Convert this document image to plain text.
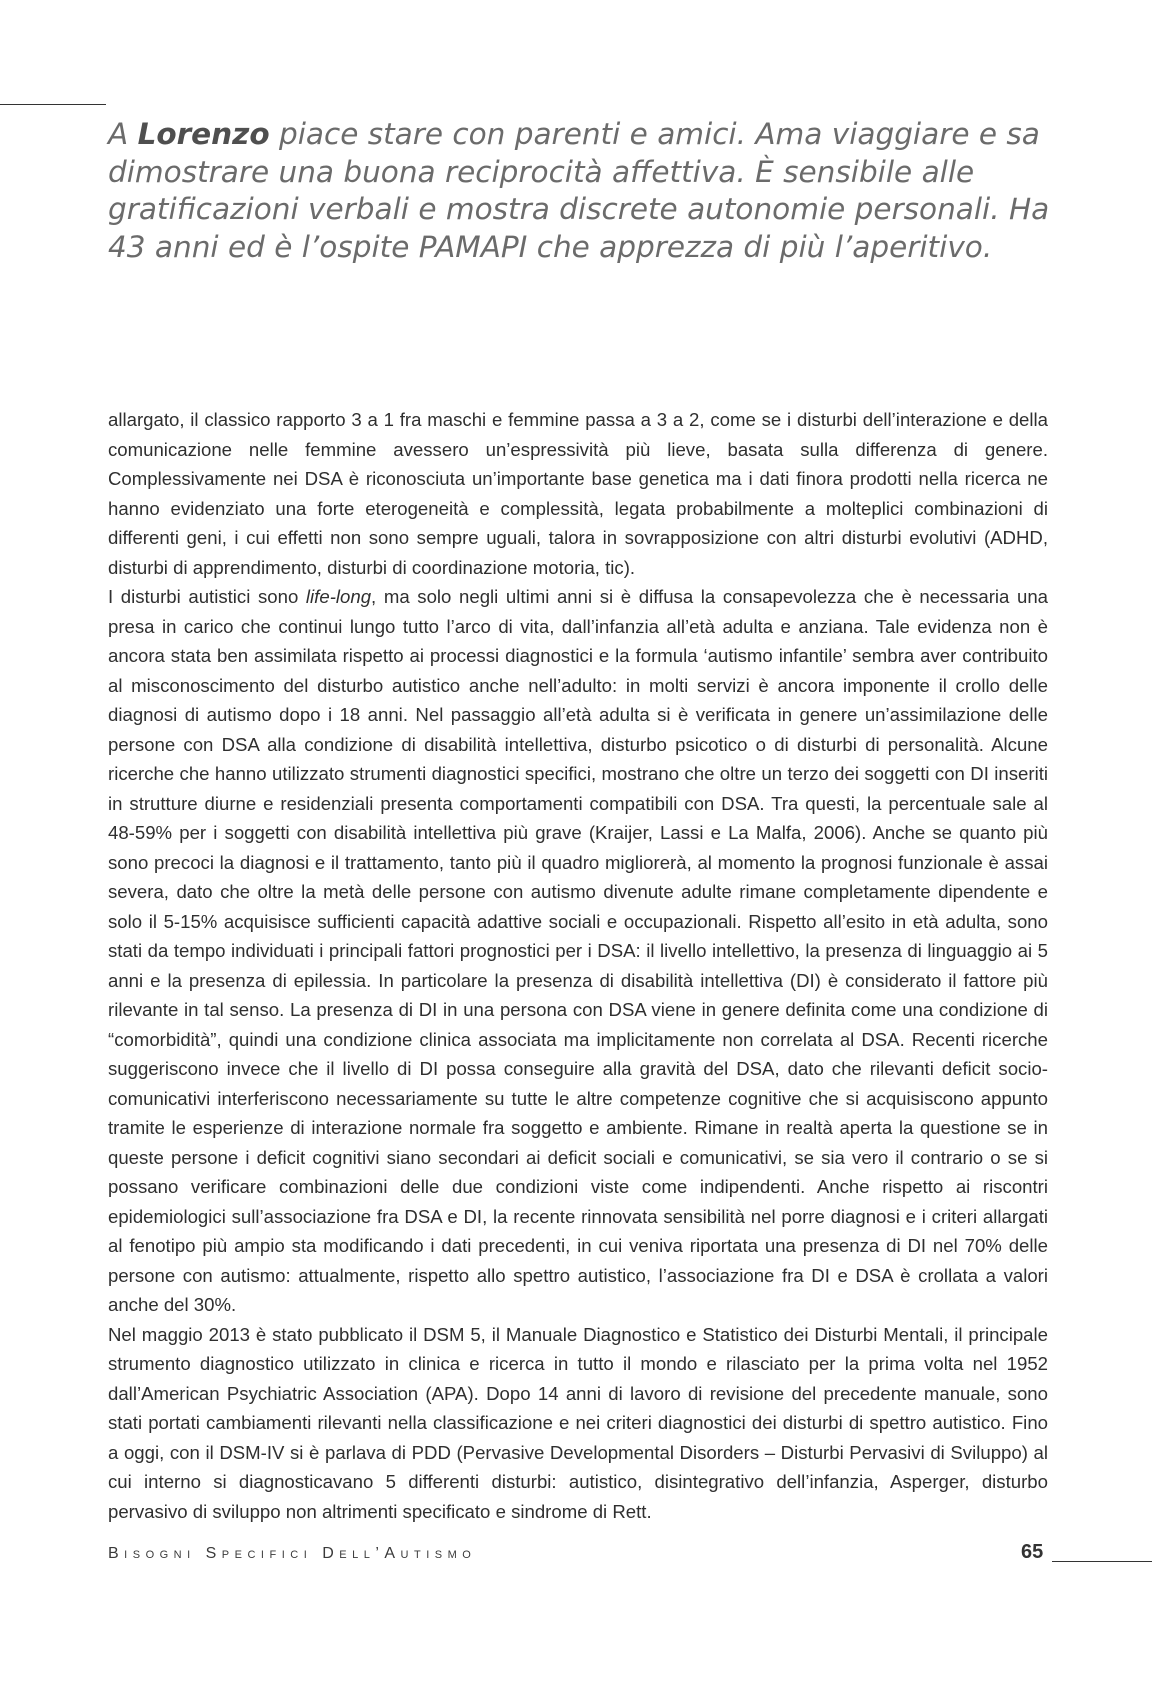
A Lorenzo piace stare con parenti e amici. Ama viaggiare e sa dimostrare una buona reciprocità affettiva. È sensibile alle gratificazioni verbali e mostra discrete autonomie personali. Ha 43 anni ed è l’ospite PAMAPI che apprezza di più l’aperitivo.

allargato, il classico rapporto 3 a 1 fra maschi e femmine passa a 3 a 2, come se i disturbi dell’interazione e della comunicazione nelle femmine avessero un’espressività più lieve, basata sulla differenza di genere. Complessivamente nei DSA è riconosciuta un’importante base genetica ma i dati finora prodotti nella ricerca ne hanno evidenziato una forte eterogeneità e complessità, legata probabilmente a molteplici combinazioni di differenti geni, i cui effetti non sono sempre uguali, talora in sovrapposizione con altri disturbi evolutivi (ADHD, disturbi di apprendimento, disturbi di coordinazione motoria, tic).

I disturbi autistici sono life-long, ma solo negli ultimi anni si è diffusa la consapevolezza che è necessaria una presa in carico che continui lungo tutto l’arco di vita, dall’infanzia all’età adulta e anziana. Tale evidenza non è ancora stata ben assimilata rispetto ai processi diagnostici e la formula ‘autismo infantile’ sembra aver contribuito al misconoscimento del disturbo autistico anche nell’adulto: in molti servizi è ancora imponente il crollo delle diagnosi di autismo dopo i 18 anni. Nel passaggio all’età adulta si è verificata in genere un’assimilazione delle persone con DSA alla condizione di disabilità intellettiva, disturbo psicotico o di disturbi di personalità. Alcune ricerche che hanno utilizzato strumenti diagnostici specifici, mostrano che oltre un terzo dei soggetti con DI inseriti in strutture diurne e residenziali presenta comportamenti compatibili con DSA. Tra questi, la percentuale sale al 48-59% per i soggetti con disabilità intellettiva più grave (Kraijer, Lassi e La Malfa, 2006). Anche se quanto più sono precoci la diagnosi e il trattamento, tanto più il quadro migliorerà, al momento la prognosi funzionale è assai severa, dato che oltre la metà delle persone con autismo divenute adulte rimane completamente dipendente e solo il 5-15% acquisisce sufficienti capacità adattive sociali e occupazionali. Rispetto all’esito in età adulta, sono stati da tempo individuati i principali fattori prognostici per i DSA: il livello intellettivo, la presenza di linguaggio ai 5 anni e la presenza di epilessia. In particolare la presenza di disabilità intellettiva (DI) è considerato il fattore più rilevante in tal senso. La presenza di DI in una persona con DSA viene in genere definita come una condizione di “comorbidità”, quindi una condizione clinica associata ma implicitamente non correlata al DSA. Recenti ricerche suggeriscono invece che il livello di DI possa conseguire alla gravità del DSA, dato che rilevanti deficit socio-comunicativi interferiscono necessariamente su tutte le altre competenze cognitive che si acquisiscono appunto tramite le esperienze di interazione normale fra soggetto e ambiente. Rimane in realtà aperta la questione se in queste persone i deficit cognitivi siano secondari ai deficit sociali e comunicativi, se sia vero il contrario o se si possano verificare combinazioni delle due condizioni viste come indipendenti. Anche rispetto ai riscontri epidemiologici sull’associazione fra DSA e DI, la recente rinnovata sensibilità nel porre diagnosi e i criteri allargati al fenotipo più ampio sta modificando i dati precedenti, in cui veniva riportata una presenza di DI nel 70% delle persone con autismo: attualmente, rispetto allo spettro autistico, l’associazione fra DI e DSA è crollata a valori anche del 30%.

Nel maggio 2013 è stato pubblicato il DSM 5, il Manuale Diagnostico e Statistico dei Disturbi Mentali, il principale strumento diagnostico utilizzato in clinica e ricerca in tutto il mondo e rilasciato per la prima volta nel 1952 dall’American Psychiatric Association (APA). Dopo 14 anni di lavoro di revisione del precedente manuale, sono stati portati cambiamenti rilevanti nella classificazione e nei criteri diagnostici dei disturbi di spettro autistico. Fino a oggi, con il DSM-IV si è parlava di PDD (Pervasive Developmental Disorders – Disturbi Pervasivi di Sviluppo) al cui interno si diagnosticavano 5 differenti disturbi: autistico, disintegrativo dell’infanzia, Asperger, disturbo pervasivo di sviluppo non altrimenti specificato e sindrome di Rett.

Bisogni Specifici Dell’Autismo	65
